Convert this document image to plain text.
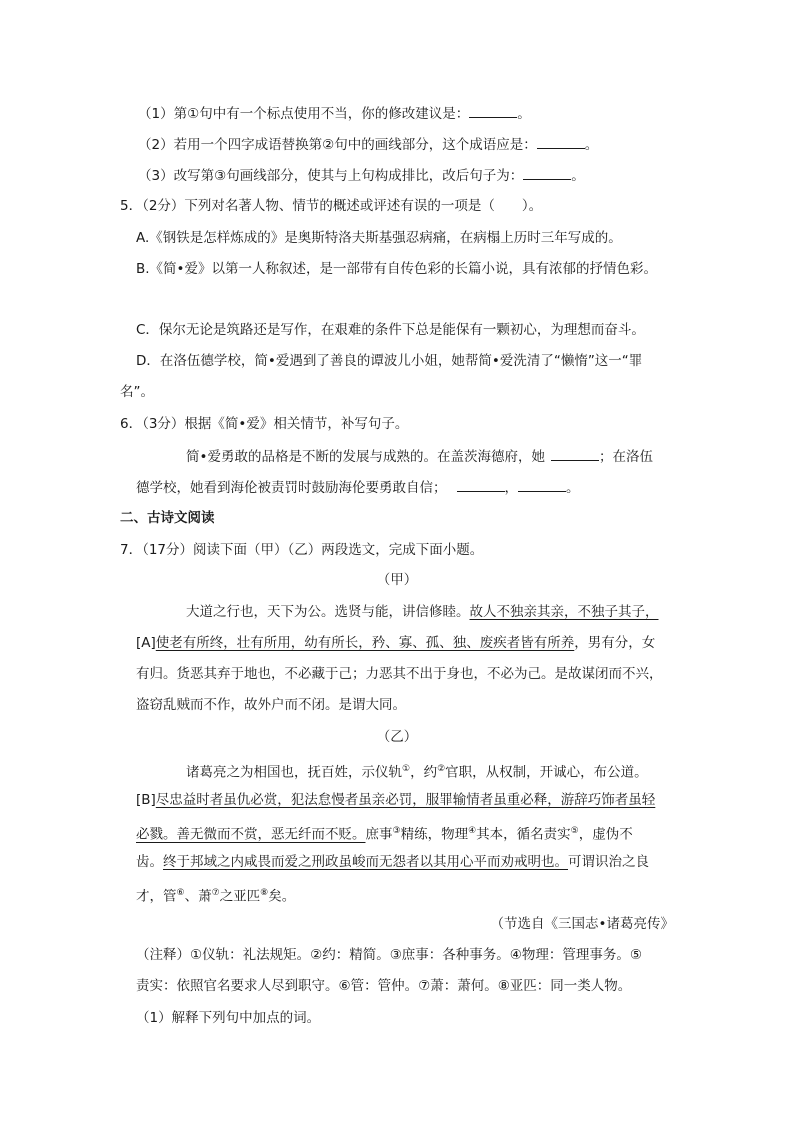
（1）第①句中有一个标点使用不当，你的修改建议是：	。
（2）若用一个四字成语替换第②句中的画线部分，这个成语应是：	。
（3）改写第③句画线部分，使其与上句构成排比，改后句子为：	。
5．（2分）下列对名著人物、情节的概述或评述有误的一项是（　　）。
A.《钢铁是怎样炼成的》是奥斯特洛夫斯基强忍病痛，在病榻上历时三年写成的。
B.《简•爱》以第一人称叙述，是一部带有自传色彩的长篇小说，具有浓郁的抒情色彩。
C．保尔无论是筑路还是写作，在艰难的条件下总是能保有一颗初心，为理想而奋斗。
D．在洛伍德学校，简•爱遇到了善良的谭波儿小姐，她帮简•爱洗清了“懒惰”这一“罪
名”。
6．（3分）根据《简•爱》相关情节，补写句子。
简•爱勇敢的品格是不断的发展与成熟的。在盖茨海德府，她	；在洛伍
德学校，她看到海伦被责罚时鼓励海伦要勇敢自信；	，	。
二、古诗文阅读
7．（17分）阅读下面（甲）（乙）两段选文，完成下面小题。
（甲）
大道之行也，天下为公。选贤与能，讲信修睦。故人不独亲其亲，不独子其子，
[A]使老有所终，壮有所用，幼有所长，矜、寡、孤、独、废疾者皆有所养，男有分，女
有归。货恶其弃于地也，不必藏于己；力恶其不出于身也，不必为己。是故谋闭而不兴，
盗窃乱贼而不作，故外户而不闭。是谓大同。
（乙）
诸葛亮之为相国也，抚百姓，示仪轨①，约②官职，从权制，开诚心，布公道。
[B]尽忠益时者虽仇必赏，犯法怠慢者虽亲必罚，服罪输情者虽重必释，游辞巧饰者虽轻
必戮。善无微而不赏，恶无纤而不贬。庶事③精练，物理④其本，循名责实⑤，虚伪不
齿。终于邦域之内咸畏而爱之刑政虽峻而无怨者以其用心平而劝戒明也。可谓识治之良
才，管⑥、萧⑦之亚匹⑧矣。
（节选自《三国志•诸葛亮传》
（注释）①仪轨：礼法规矩。②约：精简。③庶事：各种事务。④物理：管理事务。⑤
责实：依照官名要求人尽到职守。⑥管：管仲。⑦萧：萧何。⑧亚匹：同一类人物。
（1）解释下列句中加点的词。
